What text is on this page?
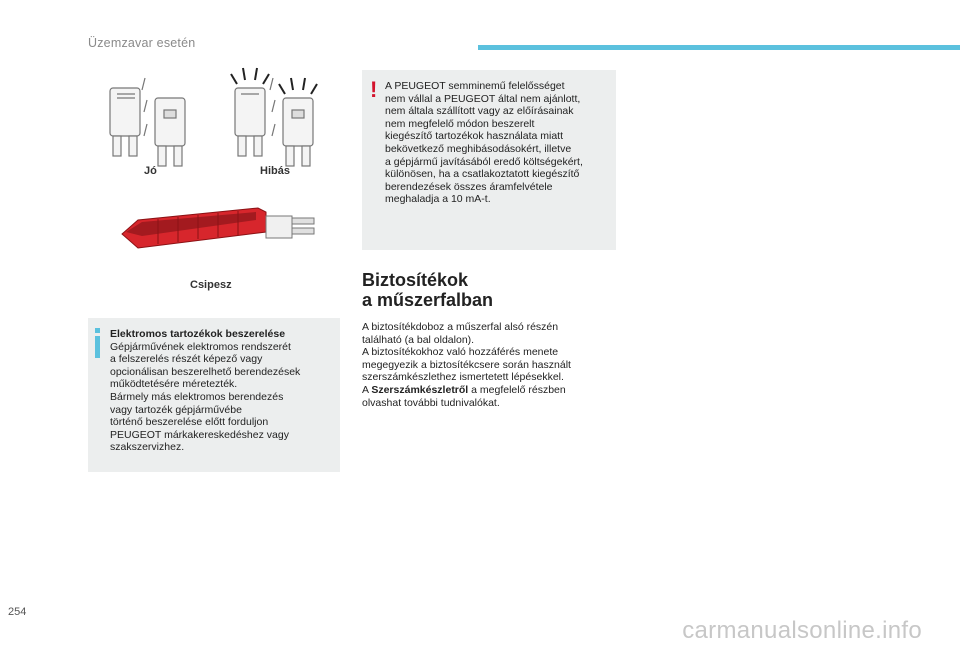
Üzemzavar esetén
Jó	Hibás
Csipesz
Elektromos tartozékok beszerelése
Gépjárművének elektromos rendszerét
a felszerelés részét képező vagy
opcionálisan beszerelhető berendezések
működtetésére méretezték.
Bármely más elektromos berendezés
vagy tartozék gépjárművébe
történő beszerelése előtt forduljon
PEUGEOT márkakereskedéshez vagy
szakszervizhez.
! A PEUGEOT semminemű felelősséget
nem vállal a PEUGEOT által nem ajánlott,
nem általa szállított vagy az előírásainak
nem megfelelő módon beszerelt
kiegészítő tartozékok használata miatt
bekövetkező meghibásodásokért, illetve
a gépjármű javításából eredő költségekért,
különösen, ha a csatlakoztatott kiegészítő
berendezések összes áramfelvétele
meghaladja a 10 mA-t.
Biztosítékok
a műszerfalban
A biztosítékdoboz a műszerfal alsó részén
található (a bal oldalon).
A biztosítékokhoz való hozzáférés menete
megegyezik a biztosítékcsere során használt
szerszámkészlethez ismertetett lépésekkel.
A Szerszámkészletről a megfelelő részben
olvashat további tudnivalókat.
254
carmanualsonline.info
